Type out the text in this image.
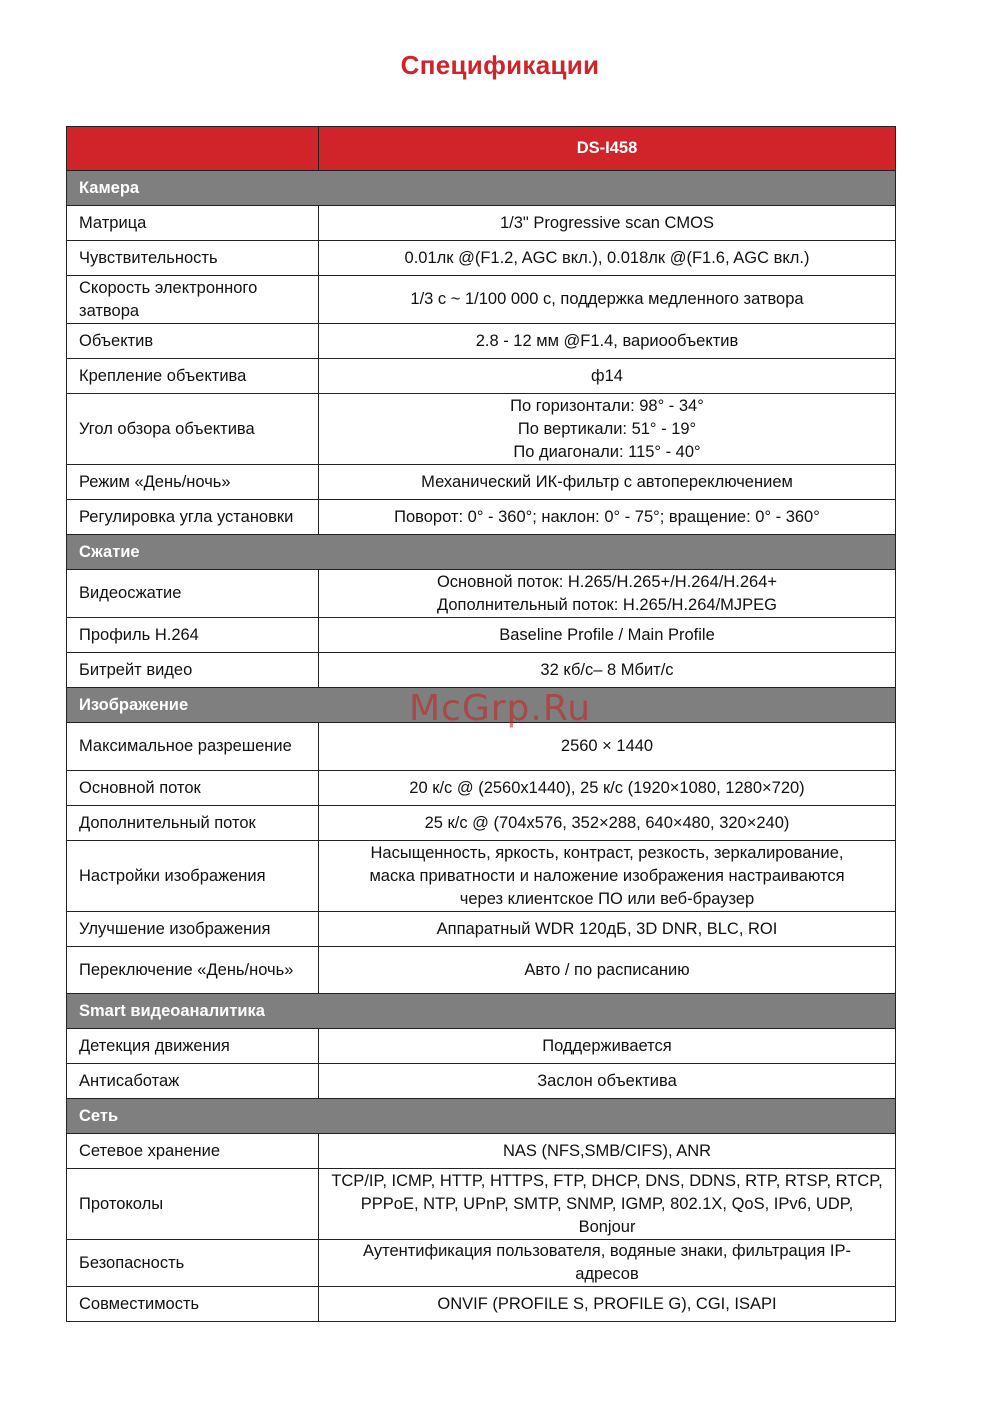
Спецификации
	DS-I458
Камера	
Матрица	1/3" Progressive scan CMOS

Чувствительность	0.01лк @(F1.2, AGC вкл.), 0.018лк @(F1.6, AGC вкл.)

Скорость электронного затвора	1/3 с ~ 1/100 000 с, поддержка медленного затвора

Объектив	2.8 - 12 мм @F1.4, вариообъектив

Крепление объектива	ф14

Угол обзора объектива	По горизонтали: 98° - 34°
По вертикали: 51° - 19°
По диагонали: 115° - 40°

Режим «День/ночь»	Механический ИК-фильтр с автопереключением

Регулировка угла установки	Поворот: 0° - 360°; наклон: 0° - 75°; вращение: 0° - 360°

Сжатие	
Видеосжатие	Основной поток: H.265/H.265+/H.264/H.264+
Дополнительный поток: H.265/H.264/MJPEG

Профиль H.264	Baseline Profile / Main Profile

Битрейт видео	32 кб/с– 8 Мбит/с

Изображение	
Максимальное разрешение	2560 × 1440

Основной поток	20 к/с @ (2560x1440), 25 к/с (1920×1080, 1280×720)

Дополнительный поток	25 к/с @ (704x576, 352×288, 640×480, 320×240)

Настройки изображения	Насыщенность, яркость, контраст, резкость, зеркалирование,
маска приватности и наложение изображения настраиваются
через клиентское ПО или веб-браузер

Улучшение изображения	Аппаратный WDR 120дБ, 3D DNR, BLC, ROI

Переключение «День/ночь»	Авто / по расписанию

Smart видеоаналитика	
Детекция движения	Поддерживается

Антисаботаж	Заслон объектива

Сеть	
Сетевое хранение	NAS (NFS,SMB/CIFS), ANR

Протоколы	TCP/IP, ICMP, HTTP, HTTPS, FTP, DHCP, DNS, DDNS, RTP, RTSP, RTCP,
PPPoE, NTP, UPnP, SMTP, SNMP, IGMP, 802.1X, QoS, IPv6, UDP,
Bonjour

Безопасность	Аутентификация пользователя, водяные знаки, фильтрация IP-
адресов

Совместимость	ONVIF (PROFILE S, PROFILE G), CGI, ISAPI
McGrp.Ru
